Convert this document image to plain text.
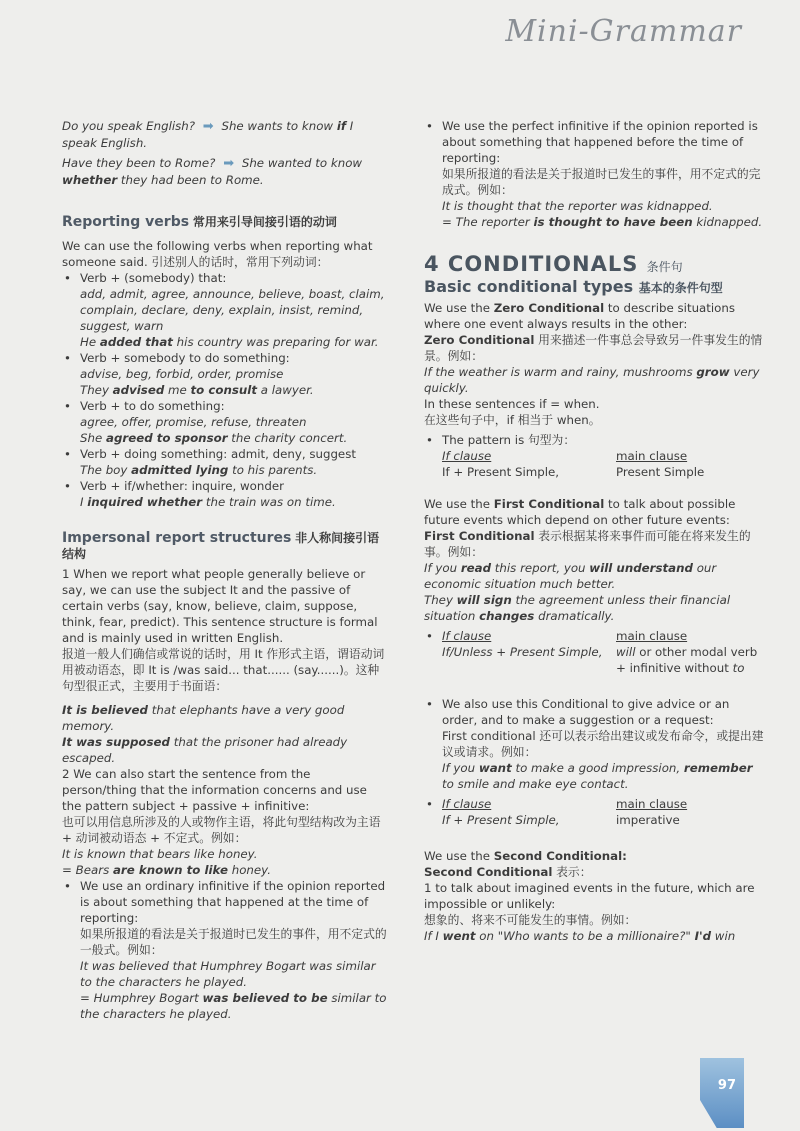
Mini-Grammar

Do you speak English? ➡ She wants to know if I speak English.

Have they been to Rome? ➡ She wanted to know
whether they had been to Rome.

Reporting verbs 常用来引导间接引语的动词

We can use the following verbs when reporting what someone said. 引述别人的话时，常用下列动词：

• Verb + (somebody) that:
add, admit, agree, announce, believe, boast, claim, complain, declare, deny, explain, insist, remind, suggest, warn

He added that his country was preparing for war.

• Verb + somebody to do something:
advise, beg, forbid, order, promise

They advised me to consult a lawyer.

• Verb + to do something:
agree, offer, promise, refuse, threaten

She agreed to sponsor the charity concert.

• Verb + doing something: admit, deny, suggest

The boy admitted lying to his parents.

• Verb + if/whether: inquire, wonder

I inquired whether the train was on time.

Impersonal report structures 非人称间接引语结构

1 When we report what people generally believe or say, we can use the subject It and the passive of certain verbs (say, know, believe, claim, suppose, think, fear, predict). This sentence structure is formal and is mainly used in written English.

报道一般人们确信或常说的话时，用 It 作形式主语，谓语动词用被动语态，即 It is /was said... that...... (say......)。这种句型很正式，主要用于书面语：

It is believed that elephants have a very good memory.

It was supposed that the prisoner had already escaped.

2 We can also start the sentence from the person/thing that the information concerns and use the pattern subject + passive + infinitive:

也可以用信息所涉及的人或物作主语，将此句型结构改为主语 + 动词被动语态 + 不定式。例如：

It is known that bears like honey.

= Bears are known to like honey.

• We use an ordinary infinitive if the opinion reported is about something that happened at the time of reporting:
如果所报道的看法是关于报道时已发生的事件，用不定式的一般式。例如：
It was believed that Humphrey Bogart was similar to the characters he played.
= Humphrey Bogart was believed to be similar to the characters he played.
• We use the perfect infinitive if the opinion reported is about something that happened before the time of reporting:
如果所报道的看法是关于报道时已发生的事件，用不定式的完成式。例如：
It is thought that the reporter was kidnapped.
= The reporter is thought to have been kidnapped.

4 CONDITIONALS 条件句

Basic conditional types 基本的条件句型

We use the Zero Conditional to describe situations where one event always results in the other:

Zero Conditional 用来描述一件事总会导致另一件事发生的情景。例如：

If the weather is warm and rainy, mushrooms grow very quickly.

In these sentences if = when.

在这些句子中，if 相当于 when。

• The pattern is 句型为：
If clause	main clause
If + Present Simple,	Present Simple

We use the First Conditional to talk about possible future events which depend on other future events:

First Conditional 表示根据某将来事件而可能在将来发生的事。例如：

If you read this report, you will understand our economic situation much better.

They will sign the agreement unless their financial situation changes dramatically.

• If clause	main clause
If/Unless + Present Simple,	will or other modal verb + infinitive without to
• We also use this Conditional to give advice or an order, and to make a suggestion or a request:
First conditional 还可以表示给出建议或发布命令，或提出建议或请求。例如：
If you want to make a good impression, remember to smile and make eye contact.
• If clause	main clause
If + Present Simple,	imperative

We use the Second Conditional:

Second Conditional 表示：

1 to talk about imagined events in the future, which are impossible or unlikely:

想象的、将来不可能发生的事情。例如：

If I went on "Who wants to be a millionaire?" I'd win

97
